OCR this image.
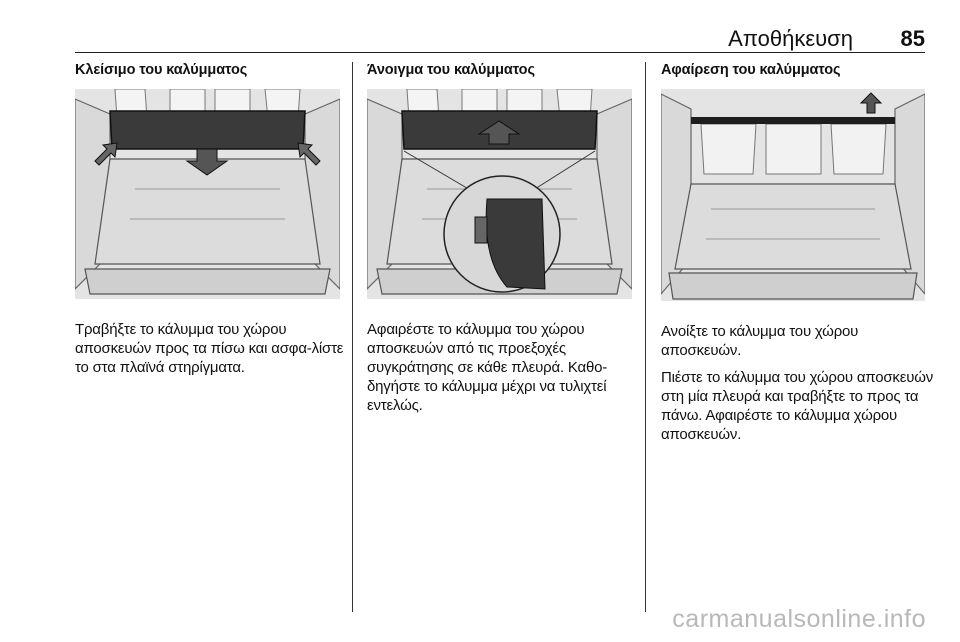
Αποθήκευση 85
Κλείσιμο του καλύμματος

Τραβήξτε το κάλυμμα του χώρου αποσκευών προς τα πίσω και ασφα-λίστε το στα πλαϊνά στηρίγματα.

Άνοιγμα του καλύμματος

Αφαιρέστε το κάλυμμα του χώρου αποσκευών από τις προεξοχές συγκράτησης σε κάθε πλευρά. Καθο-δηγήστε το κάλυμμα μέχρι να τυλιχτεί εντελώς.

Αφαίρεση του καλύμματος

Ανοίξτε το κάλυμμα του χώρου αποσκευών.

Πιέστε το κάλυμμα του χώρου αποσκευών στη μία πλευρά και τραβήξτε το προς τα πάνω. Αφαιρέστε το κάλυμμα χώρου αποσκευών.

carmanualsonline.info
